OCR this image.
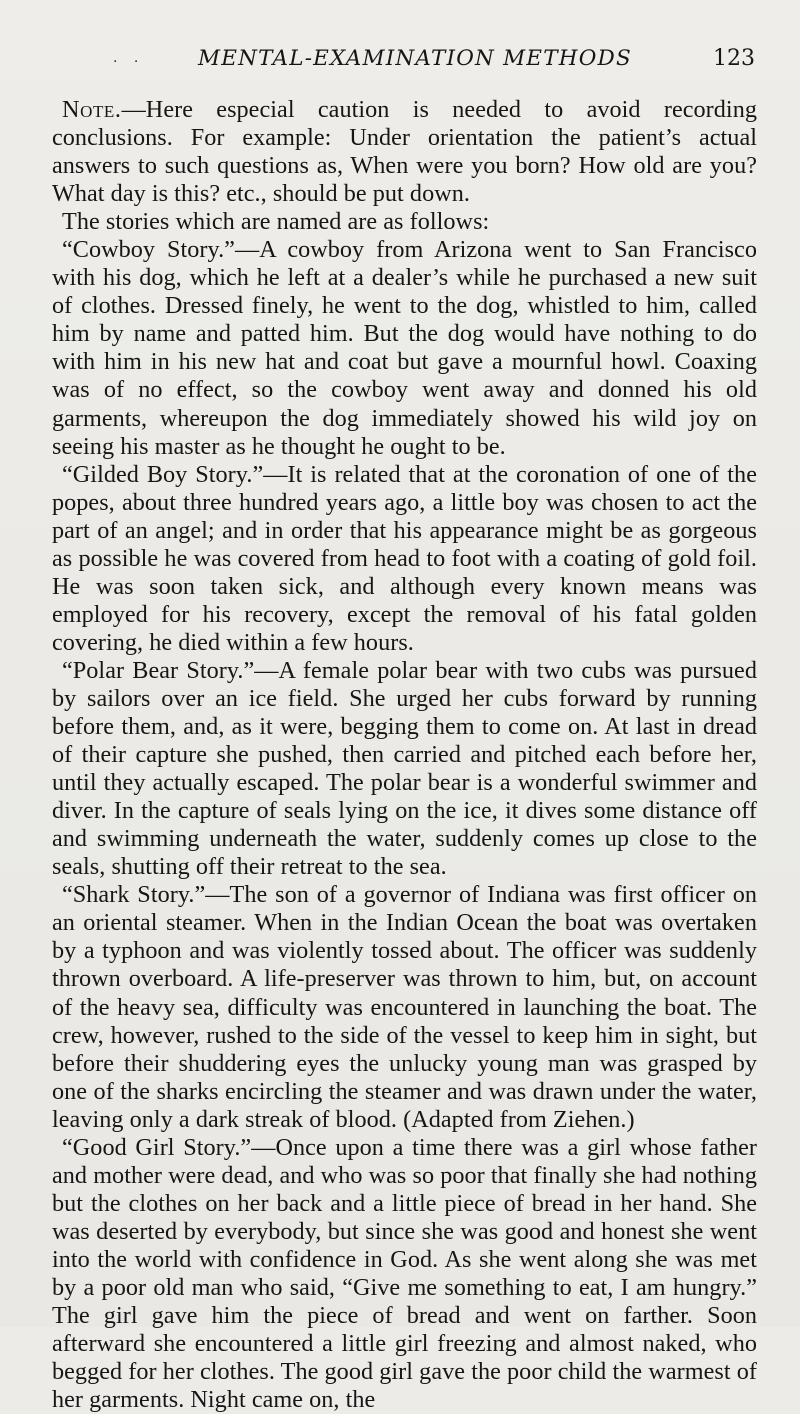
· · MENTAL-EXAMINATION METHODS	123

Note.—Here especial caution is needed to avoid recording conclusions. For example: Under orientation the patient’s actual answers to such questions as, When were you born? How old are you? What day is this? etc., should be put down.

The stories which are named are as follows:

“Cowboy Story.”—A cowboy from Arizona went to San Francisco with his dog, which he left at a dealer’s while he purchased a new suit of clothes. Dressed finely, he went to the dog, whistled to him, called him by name and patted him. But the dog would have nothing to do with him in his new hat and coat but gave a mournful howl. Coaxing was of no effect, so the cowboy went away and donned his old garments, whereupon the dog immediately showed his wild joy on seeing his master as he thought he ought to be.

“Gilded Boy Story.”—It is related that at the coronation of one of the popes, about three hundred years ago, a little boy was chosen to act the part of an angel; and in order that his appearance might be as gorgeous as possible he was covered from head to foot with a coating of gold foil. He was soon taken sick, and although every known means was employed for his recovery, except the removal of his fatal golden covering, he died within a few hours.

“Polar Bear Story.”—A female polar bear with two cubs was pursued by sailors over an ice field. She urged her cubs forward by running before them, and, as it were, begging them to come on. At last in dread of their capture she pushed, then carried and pitched each before her, until they actually escaped. The polar bear is a wonderful swimmer and diver. In the capture of seals lying on the ice, it dives some distance off and swimming underneath the water, suddenly comes up close to the seals, shutting off their retreat to the sea.

“Shark Story.”—The son of a governor of Indiana was first officer on an oriental steamer. When in the Indian Ocean the boat was overtaken by a typhoon and was violently tossed about. The officer was suddenly thrown overboard. A life-preserver was thrown to him, but, on account of the heavy sea, difficulty was encountered in launching the boat. The crew, however, rushed to the side of the vessel to keep him in sight, but before their shuddering eyes the unlucky young man was grasped by one of the sharks encircling the steamer and was drawn under the water, leaving only a dark streak of blood. (Adapted from Ziehen.)

“Good Girl Story.”—Once upon a time there was a girl whose father and mother were dead, and who was so poor that finally she had nothing but the clothes on her back and a little piece of bread in her hand. She was deserted by everybody, but since she was good and honest she went into the world with confidence in God. As she went along she was met by a poor old man who said, “Give me something to eat, I am hungry.” The girl gave him the piece of bread and went on farther. Soon afterward she encountered a little girl freezing and almost naked, who begged for her clothes. The good girl gave the poor child the warmest of her garments. Night came on, the
